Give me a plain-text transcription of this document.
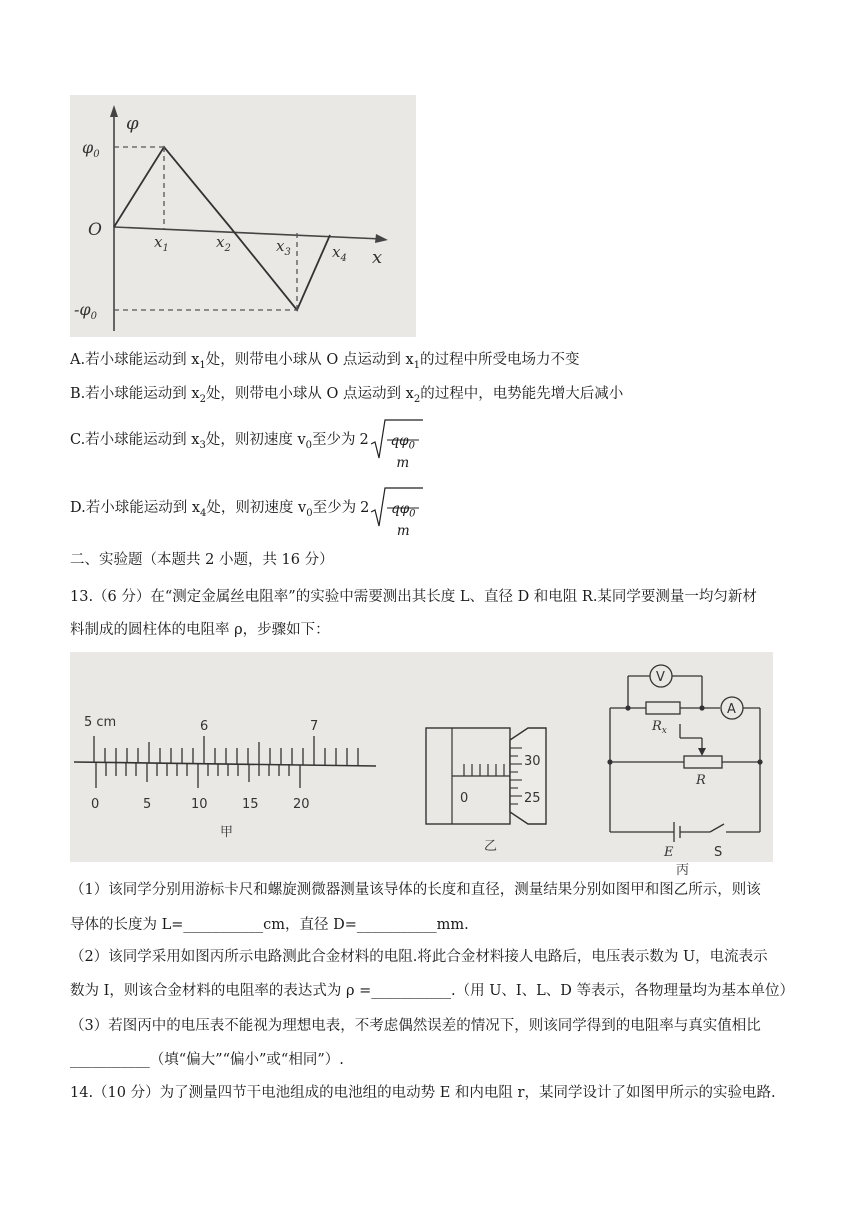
φ
$\varphi_0$
O
$-\varphi_0$
$x_1$	$x_2$	$x_3$	$x_4$ x
A.若小球能运动到 $x_1$处，则带电小球从 O 点运动到 $x_1$的过程中所受电场力不变
B.若小球能运动到 $x_2$处，则带电小球从 O 点运动到 $x_2$的过程中，电势能先增大后减小
C.若小球能运动到 $x_3$处，则初速度 $v_0$至少为 2	$q\varphi_0$
m
D.若小球能运动到 $x_4$处，则初速度 $v_0$至少为 2	$q\varphi_0$
m
二、实验题（本题共 2 小题，共 16 分）
13.（6 分）在“测定金属丝电阻率”的实验中需要测出其长度 L、直径 D 和电阻 R.某同学要测量一均匀新材
料制成的圆柱体的电阻率 ρ，步骤如下：
5 cm	6	7
0	5	10	15	20
甲
30
25
0
乙
V
A
$R_x$
R
E	S
丙
（1）该同学分别用游标卡尺和螺旋测微器测量该导体的长度和直径，测量结果分别如图甲和图乙所示，则该
导体的长度为 L=___________cm，直径 D=___________mm.
（2）该同学采用如图丙所示电路测此合金材料的电阻.将此合金材料接人电路后，电压表示数为 U，电流表示
数为 I，则该合金材料的电阻率的表达式为 ρ =___________.（用 U、I、L、D 等表示，各物理量均为基本单位）
（3）若图丙中的电压表不能视为理想电表，不考虑偶然误差的情况下，则该同学得到的电阻率与真实值相比
___________（填“偏大”“偏小”或“相同”）.
14.（10 分）为了测量四节干电池组成的电池组的电动势 E 和内电阻 r，某同学设计了如图甲所示的实验电路.
